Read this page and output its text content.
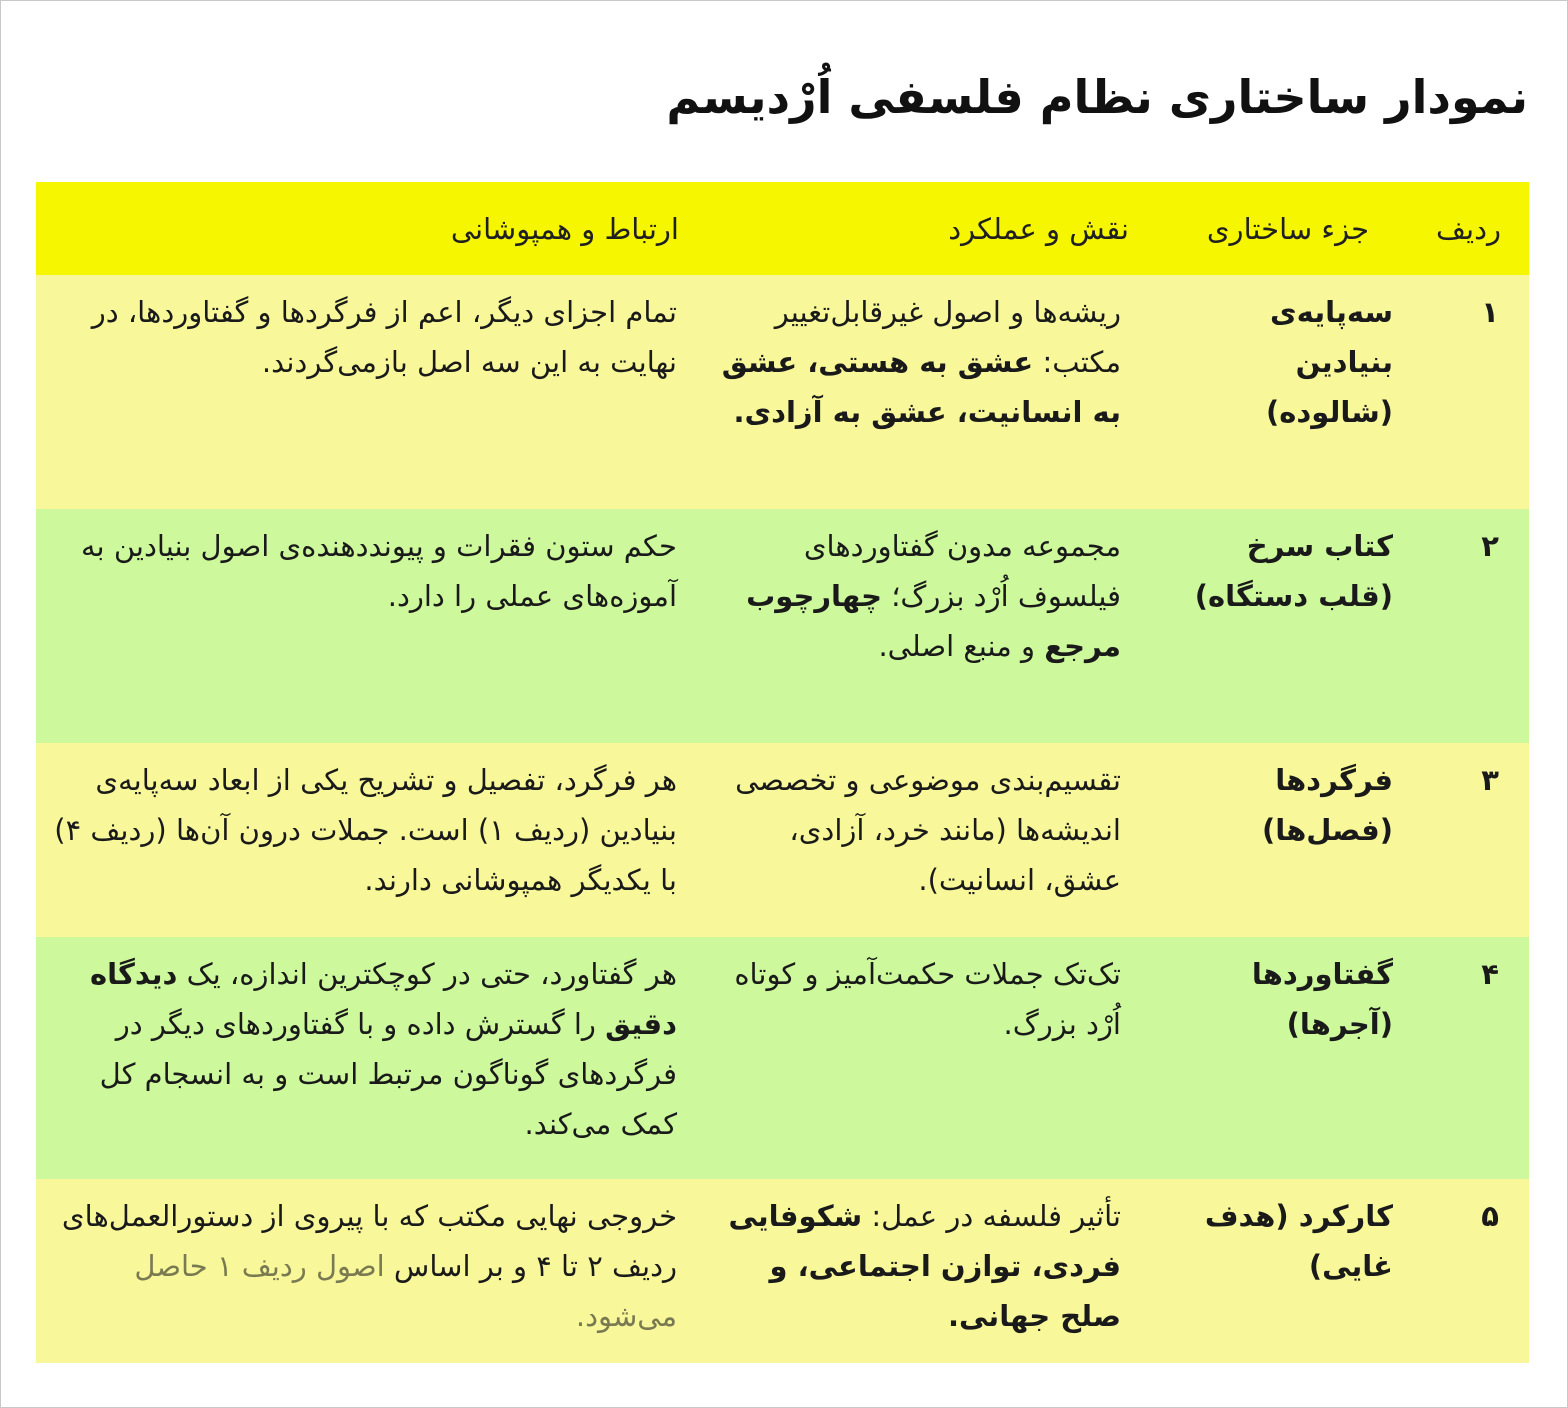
نمودار ساختاری نظام فلسفی اُرْدیسم
ردیف	جزء ساختاری	نقش و عملکرد	ارتباط و همپوشانی
۱	سه‌پایه‌ی بنیادین (شالوده)	ریشه‌ها و اصول غیرقابل‌تغییر مکتب: عشق به هستی، عشق به انسانیت، عشق به آزادی.	تمام اجزای دیگر، اعم از فرگردها و گفتاوردها، در نهایت به این سه اصل بازمی‌گردند.
۲	کتاب سرخ (قلب دستگاه)	مجموعه مدون گفتاوردهای فیلسوف اُرْد بزرگ؛ چهارچوب مرجع و منبع اصلی.	حکم ستون فقرات و پیونددهنده‌ی اصول بنیادین به آموزه‌های عملی را دارد.
۳	فرگردها (فصل‌ها)	تقسیم‌بندی موضوعی و تخصصی اندیشه‌ها (مانند خرد، آزادی، عشق، انسانیت).	هر فرگرد، تفصیل و تشریح یکی از ابعاد سه‌پایه‌ی بنیادین (ردیف ۱) است. جملات درون آن‌ها (ردیف ۴) با یکدیگر همپوشانی دارند.
۴	گفتاوردها (آجرها)	تک‌تک جملات حکمت‌آمیز و کوتاه اُرْد بزرگ.	هر گفتاورد، حتی در کوچکترین اندازه، یک دیدگاه دقیق را گسترش داده و با گفتاوردهای دیگر در فرگردهای گوناگون مرتبط است و به انسجام کل کمک می‌کند.
۵	کارکرد (هدف غایی)	تأثیر فلسفه در عمل: شکوفایی فردی، توازن اجتماعی، و صلح جهانی.	خروجی نهایی مکتب که با پیروی از دستورالعمل‌های ردیف ۲ تا ۴ و بر اساس اصول ردیف ۱ حاصل می‌شود.
